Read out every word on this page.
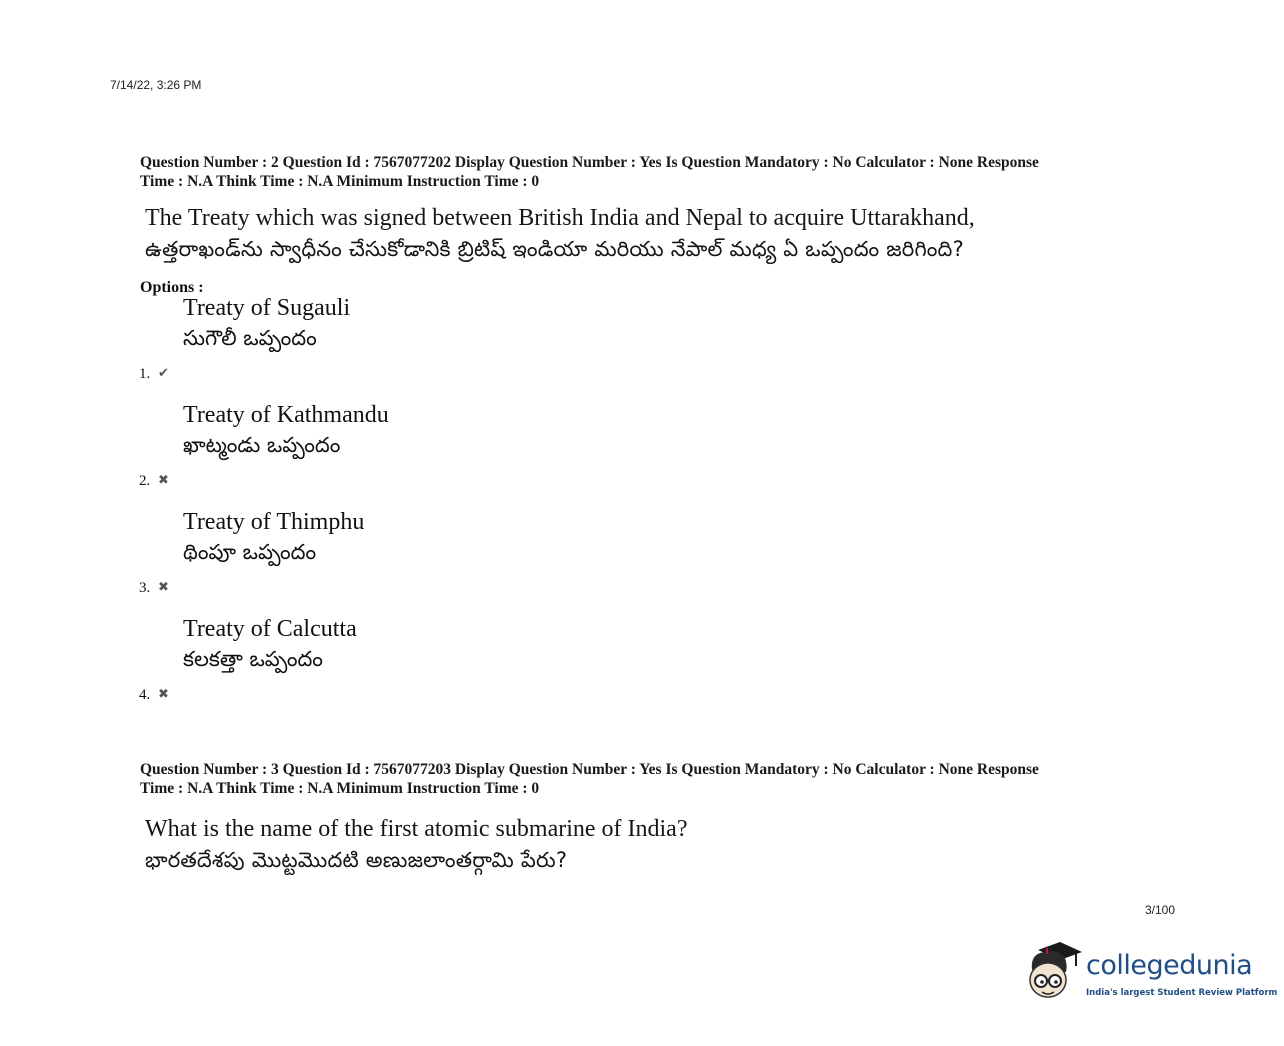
7/14/22, 3:26 PM
Question Number : 2 Question Id : 7567077202 Display Question Number : Yes Is Question Mandatory : No Calculator : None Response
Time : N.A Think Time : N.A Minimum Instruction Time : 0
The Treaty which was signed between British India and Nepal to acquire Uttarakhand,
ఉత్తరాఖండ్‌ను స్వాధీనం చేసుకోడానికి బ్రిటిష్ ఇండియా మరియు నేపాల్ మధ్య ఏ ఒప్పందం జరిగింది?
Options :
1. ✔
Treaty of Sugauli
సుగౌలీ ఒప్పందం
2. ✖
Treaty of Kathmandu
ఖాట్మండు ఒప్పందం
3. ✖
Treaty of Thimphu
థింపూ ఒప్పందం
4. ✖
Treaty of Calcutta
కలకత్తా ఒప్పందం
Question Number : 3 Question Id : 7567077203 Display Question Number : Yes Is Question Mandatory : No Calculator : None Response
Time : N.A Think Time : N.A Minimum Instruction Time : 0
What is the name of the first atomic submarine of India?
భారతదేశపు మొట్టమొదటి అణుజలాంతర్గామి పేరు?
3/100
collegedunia
India's largest Student Review Platform
